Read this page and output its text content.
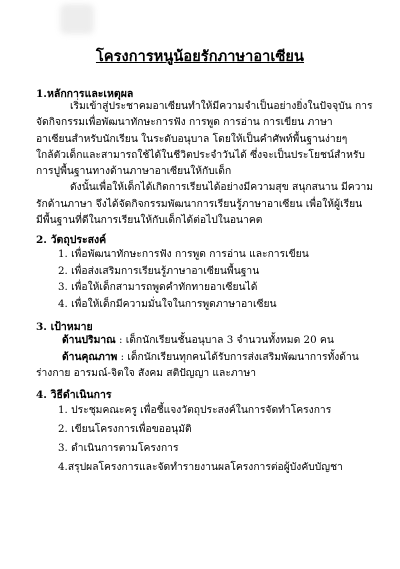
โครงการหนูน้อยรักภาษาอาเซียน
1.หลักการและเหตุผล
เริ่มเข้าสู่ประชาคมอาเซียนทำให้มีความจำเป็นอย่างยิ่งในปัจจุบัน การ
จัดกิจกรรมเพื่อพัฒนาทักษะการฟัง การพูด การอ่าน การเขียน ภาษา
อาเซียนสำหรับนักเรียน ในระดับอนุบาล โดยให้เป็นคำศัพท์พื้นฐานง่ายๆ
ใกล้ตัวเด็กและสามารถใช้ได้ในชีวิตประจำวันได้ ซึ่งจะเป็นประโยชน์สำหรับ
การปูพื้นฐานทางด้านภาษาอาเซียนให้กับเด็ก
ดังนั้นเพื่อให้เด็กได้เกิดการเรียนได้อย่างมีความสุข สนุกสนาน มีความ
รักด้านภาษา จึงได้จัดกิจกรรมพัฒนาการเรียนรู้ภาษาอาเซียน เพื่อให้ผู้เรียน
มีพื้นฐานที่ดีในการเรียนให้กับเด็กได้ต่อไปในอนาคต
2. วัตถุประสงค์
1. เพื่อพัฒนาทักษะการฟัง การพูด การอ่าน และการเขียน
2. เพื่อส่งเสริมการเรียนรู้ภาษาอาเซียนพื้นฐาน
3. เพื่อให้เด็กสามารถพูดคำทักทายอาเซียนได้
4. เพื่อให้เด็กมีความมั่นใจในการพูดภาษาอาเซียน
3. เป้าหมาย
ด้านปริมาณ : เด็กนักเรียนชั้นอนุบาล 3 จำนวนทั้งหมด 20 คน
ด้านคุณภาพ : เด็กนักเรียนทุกคนได้รับการส่งเสริมพัฒนาการทั้งด้าน
ร่างกาย อารมณ์-จิตใจ สังคม สติปัญญา และภาษา
4. วิธีดำเนินการ
1. ประชุมคณะครู เพื่อชี้แจงวัตถุประสงค์ในการจัดทำโครงการ
2. เขียนโครงการเพื่อขออนุมัติ
3. ดำเนินการตามโครงการ
4.สรุปผลโครงการและจัดทำรายงานผลโครงการต่อผู้บังคับบัญชา
